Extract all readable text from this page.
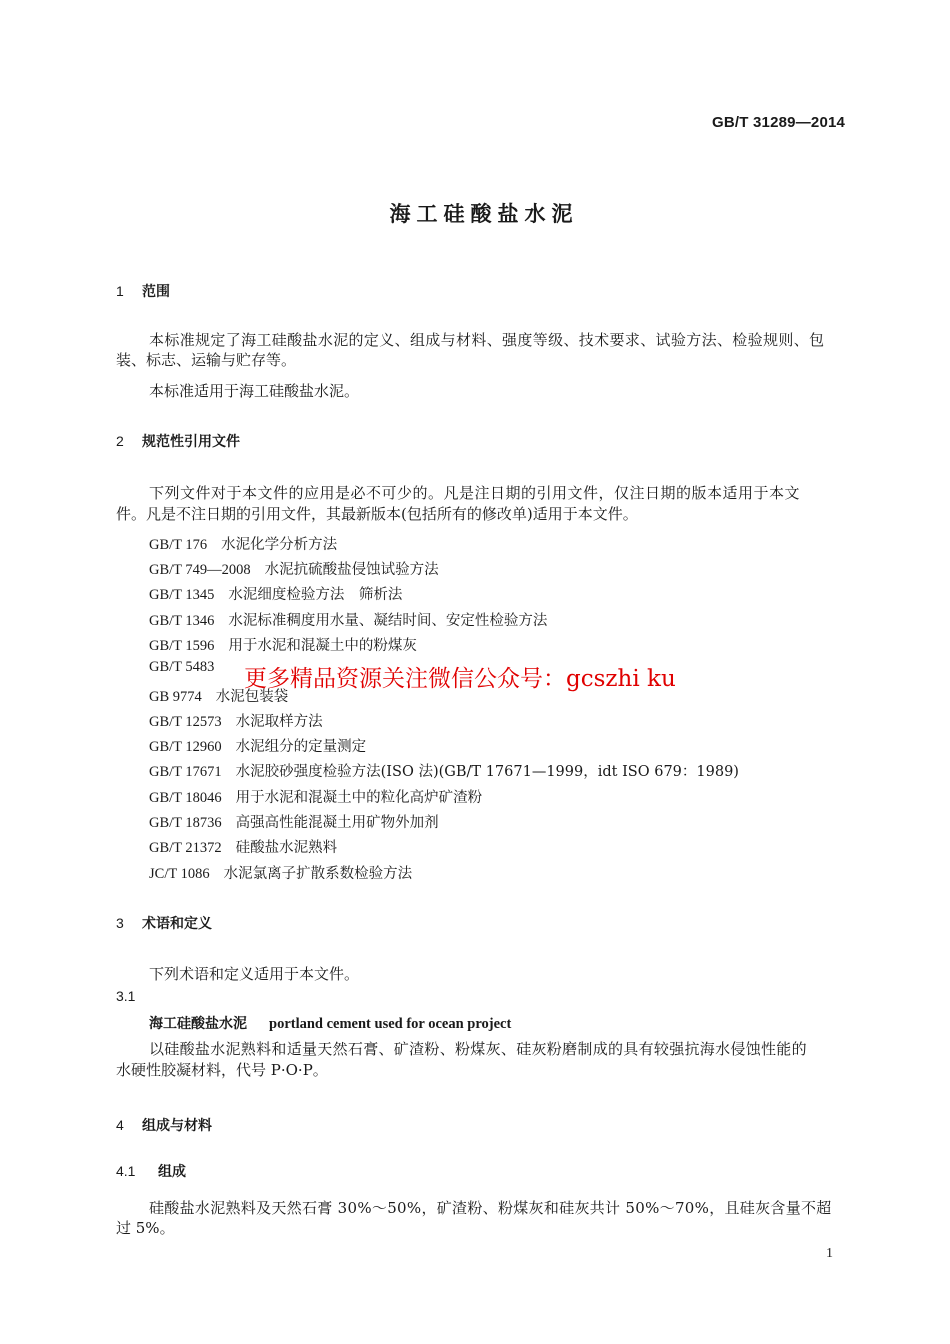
GB/T 31289—2014
海工硅酸盐水泥
1 范围
本标准规定了海工硅酸盐水泥的定义、组成与材料、强度等级、技术要求、试验方法、检验规则、包
装、标志、运输与贮存等。
本标准适用于海工硅酸盐水泥。
2 规范性引用文件
下列文件对于本文件的应用是必不可少的。凡是注日期的引用文件，仅注日期的版本适用于本文
件。凡是不注日期的引用文件，其最新版本(包括所有的修改单)适用于本文件。
GB/T 176 水泥化学分析方法
GB/T 749—2008 水泥抗硫酸盐侵蚀试验方法
GB/T 1345 水泥细度检验方法　筛析法
GB/T 1346 水泥标准稠度用水量、凝结时间、安定性检验方法
GB/T 1596 用于水泥和混凝土中的粉煤灰
GB/T 5483	更多精品资源关注微信公众号：gcszhi ku
GB 9774 水泥包装袋
GB/T 12573 水泥取样方法
GB/T 12960 水泥组分的定量测定
GB/T 17671 水泥胶砂强度检验方法(ISO 法)(GB/T 17671—1999，idt ISO 679：1989)
GB/T 18046 用于水泥和混凝土中的粒化高炉矿渣粉
GB/T 18736 高强高性能混凝土用矿物外加剂
GB/T 21372 硅酸盐水泥熟料
JC/T 1086 水泥氯离子扩散系数检验方法
3 术语和定义
下列术语和定义适用于本文件。
3.1
海工硅酸盐水泥 portland cement used for ocean project
以硅酸盐水泥熟料和适量天然石膏、矿渣粉、粉煤灰、硅灰粉磨制成的具有较强抗海水侵蚀性能的
水硬性胶凝材料，代号 P·O·P。
4 组成与材料
4.1 组成
硅酸盐水泥熟料及天然石膏 30%～50%，矿渣粉、粉煤灰和硅灰共计 50%～70%，且硅灰含量不超
过 5%。
1
